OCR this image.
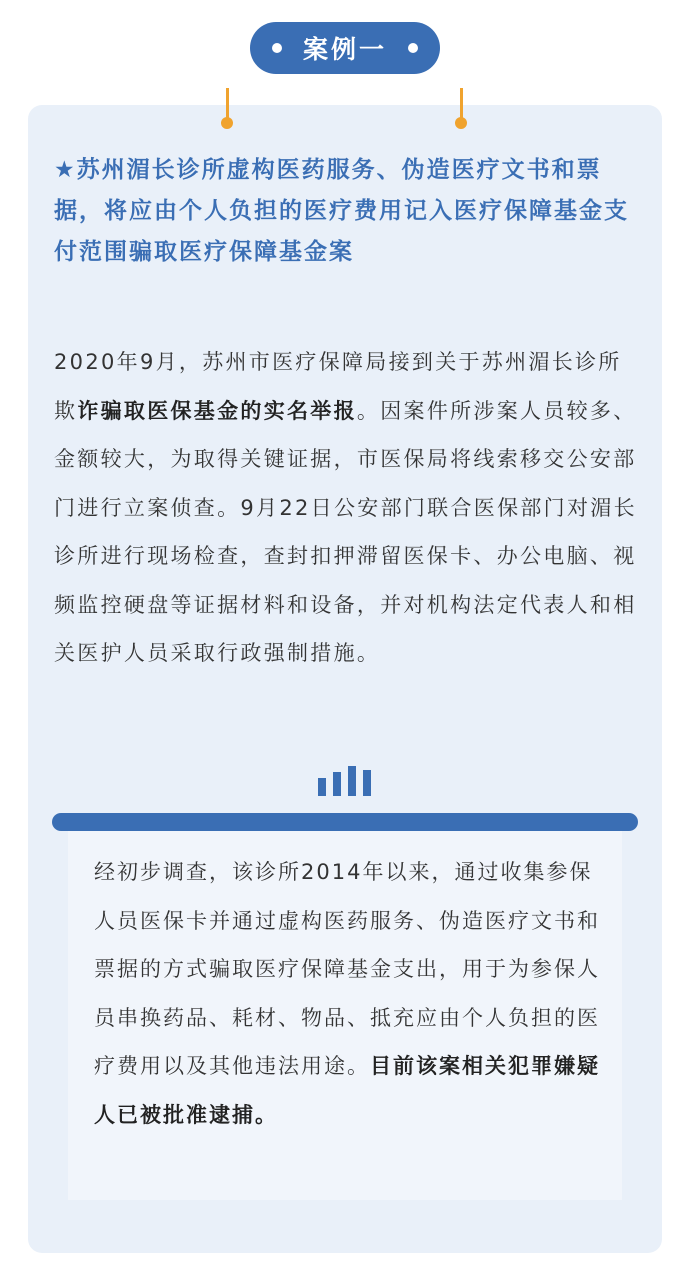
案例一

★苏州湄长诊所虚构医药服务、伪造医疗文书和票据，将应由个人负担的医疗费用记入医疗保障基金支付范围骗取医疗保障基金案

2020年9月，苏州市医疗保障局接到关于苏州湄长诊所欺诈骗取医保基金的实名举报。因案件所涉案人员较多、金额较大，为取得关键证据，市医保局将线索移交公安部门进行立案侦查。9月22日公安部门联合医保部门对湄长诊所进行现场检查，查封扣押滞留医保卡、办公电脑、视频监控硬盘等证据材料和设备，并对机构法定代表人和相关医护人员采取行政强制措施。

经初步调查，该诊所2014年以来，通过收集参保人员医保卡并通过虚构医药服务、伪造医疗文书和票据的方式骗取医疗保障基金支出，用于为参保人员串换药品、耗材、物品、抵充应由个人负担的医疗费用以及其他违法用途。目前该案相关犯罪嫌疑人已被批准逮捕。
